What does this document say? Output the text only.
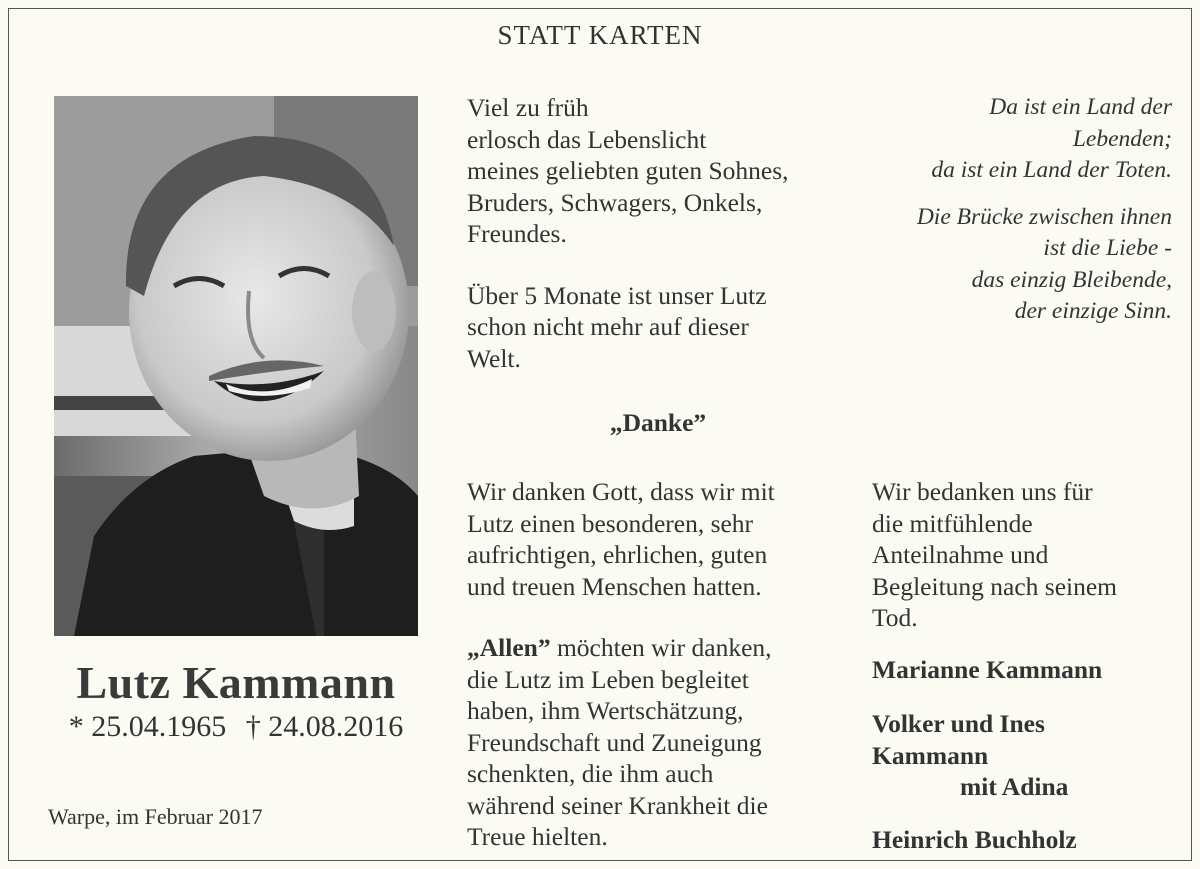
STATT KARTEN
Lutz Kammann
* 25.04.1965 † 24.08.2016
Warpe, im Februar 2017

Viel zu früh
erlosch das Lebenslicht
meines geliebten guten Sohnes,
Bruders, Schwagers, Onkels,
Freundes.

Über 5 Monate ist unser Lutz
schon nicht mehr auf dieser
Welt.

„Danke”

Wir danken Gott, dass wir mit
Lutz einen besonderen, sehr
aufrichtigen, ehrlichen, guten
und treuen Menschen hatten.

„Allen” möchten wir danken,
die Lutz im Leben begleitet
haben, ihm Wertschätzung,
Freundschaft und Zuneigung
schenkten, die ihm auch
während seiner Krankheit die
Treue hielten.

Da ist ein Land der
Lebenden;
da ist ein Land der Toten.

Die Brücke zwischen ihnen
ist die Liebe -
das einzig Bleibende,
der einzige Sinn.

Wir bedanken uns für
die mitfühlende
Anteilnahme und
Begleitung nach seinem
Tod.

Marianne Kammann
Volker und Ines
Kammann
mit Adina
Heinrich Buchholz
